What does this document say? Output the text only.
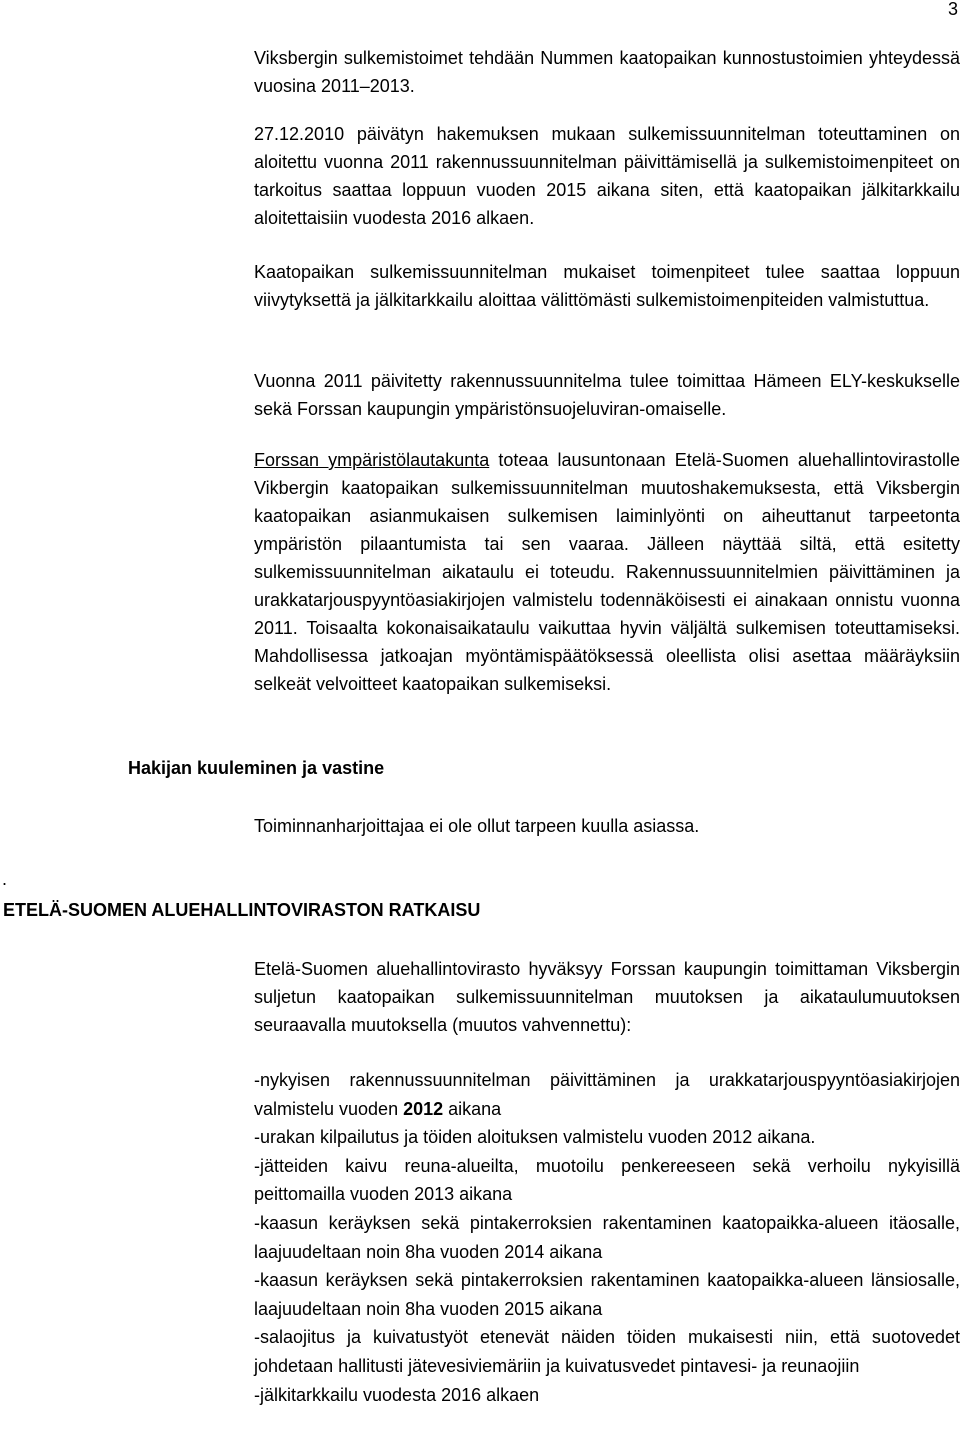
3

Viksbergin sulkemistoimet tehdään Nummen kaatopaikan kunnostustoimien yhteydessä vuosina 2011–2013.

27.12.2010 päivätyn hakemuksen mukaan sulkemissuunnitelman toteuttaminen on aloitettu vuonna 2011 rakennussuunnitelman päivittämisellä ja sulkemistoimenpiteet on tarkoitus saattaa loppuun vuoden 2015 aikana siten, että kaatopaikan jälkitarkkailu aloitettaisiin vuodesta 2016 alkaen.

Kaatopaikan sulkemissuunnitelman mukaiset toimenpiteet tulee saattaa loppuun viivytyksettä ja jälkitarkkailu aloittaa välittömästi sulkemistoimenpiteiden valmistuttua.

Vuonna 2011 päivitetty rakennussuunnitelma tulee toimittaa Hämeen ELY-keskukselle sekä Forssan kaupungin ympäristönsuojeluviran-omaiselle.

Forssan ympäristölautakunta toteaa lausuntonaan Etelä-Suomen aluehallintovirastolle Vikbergin kaatopaikan sulkemissuunnitelman muutoshakemuksesta, että Viksbergin kaatopaikan asianmukaisen sulkemisen laiminlyönti on aiheuttanut tarpeetonta ympäristön pilaantumista tai sen vaaraa. Jälleen näyttää siltä, että esitetty sulkemissuunnitelman aikataulu ei toteudu. Rakennussuunnitelmien päivittäminen ja urakkatarjouspyyntöasiakirjojen valmistelu todennäköisesti ei ainakaan onnistu vuonna 2011. Toisaalta kokonaisaikataulu vaikuttaa hyvin väljältä sulkemisen toteuttamiseksi. Mahdollisessa jatkoajan myöntämispäätöksessä oleellista olisi asettaa määräyksiin selkeät velvoitteet kaatopaikan sulkemiseksi.

Hakijan kuuleminen ja vastine

Toiminnanharjoittajaa ei ole ollut tarpeen kuulla asiassa.

.
ETELÄ-SUOMEN ALUEHALLINTOVIRASTON RATKAISU

Etelä-Suomen aluehallintovirasto hyväksyy Forssan kaupungin toimittaman Viksbergin suljetun kaatopaikan sulkemissuunnitelman muutoksen ja aikataulumuutoksen seuraavalla muutoksella (muutos vahvennettu):

-nykyisen rakennussuunnitelman päivittäminen ja urakkatarjouspyyntöasiakirjojen valmistelu vuoden 2012 aikana
-urakan kilpailutus ja töiden aloituksen valmistelu vuoden 2012 aikana.
-jätteiden kaivu reuna-alueilta, muotoilu penkereeseen sekä verhoilu nykyisillä peittomailla vuoden 2013 aikana
-kaasun keräyksen sekä pintakerroksien rakentaminen kaatopaikka-alueen itäosalle, laajuudeltaan noin 8ha vuoden 2014 aikana
-kaasun keräyksen sekä pintakerroksien rakentaminen kaatopaikka-alueen länsiosalle, laajuudeltaan noin 8ha vuoden 2015 aikana
-salaojitus ja kuivatustyöt etenevät näiden töiden mukaisesti niin, että suotovedet johdetaan hallitusti jätevesiviemäriin ja kuivatusvedet pintavesi- ja reunaojiin
-jälkitarkkailu vuodesta 2016 alkaen
